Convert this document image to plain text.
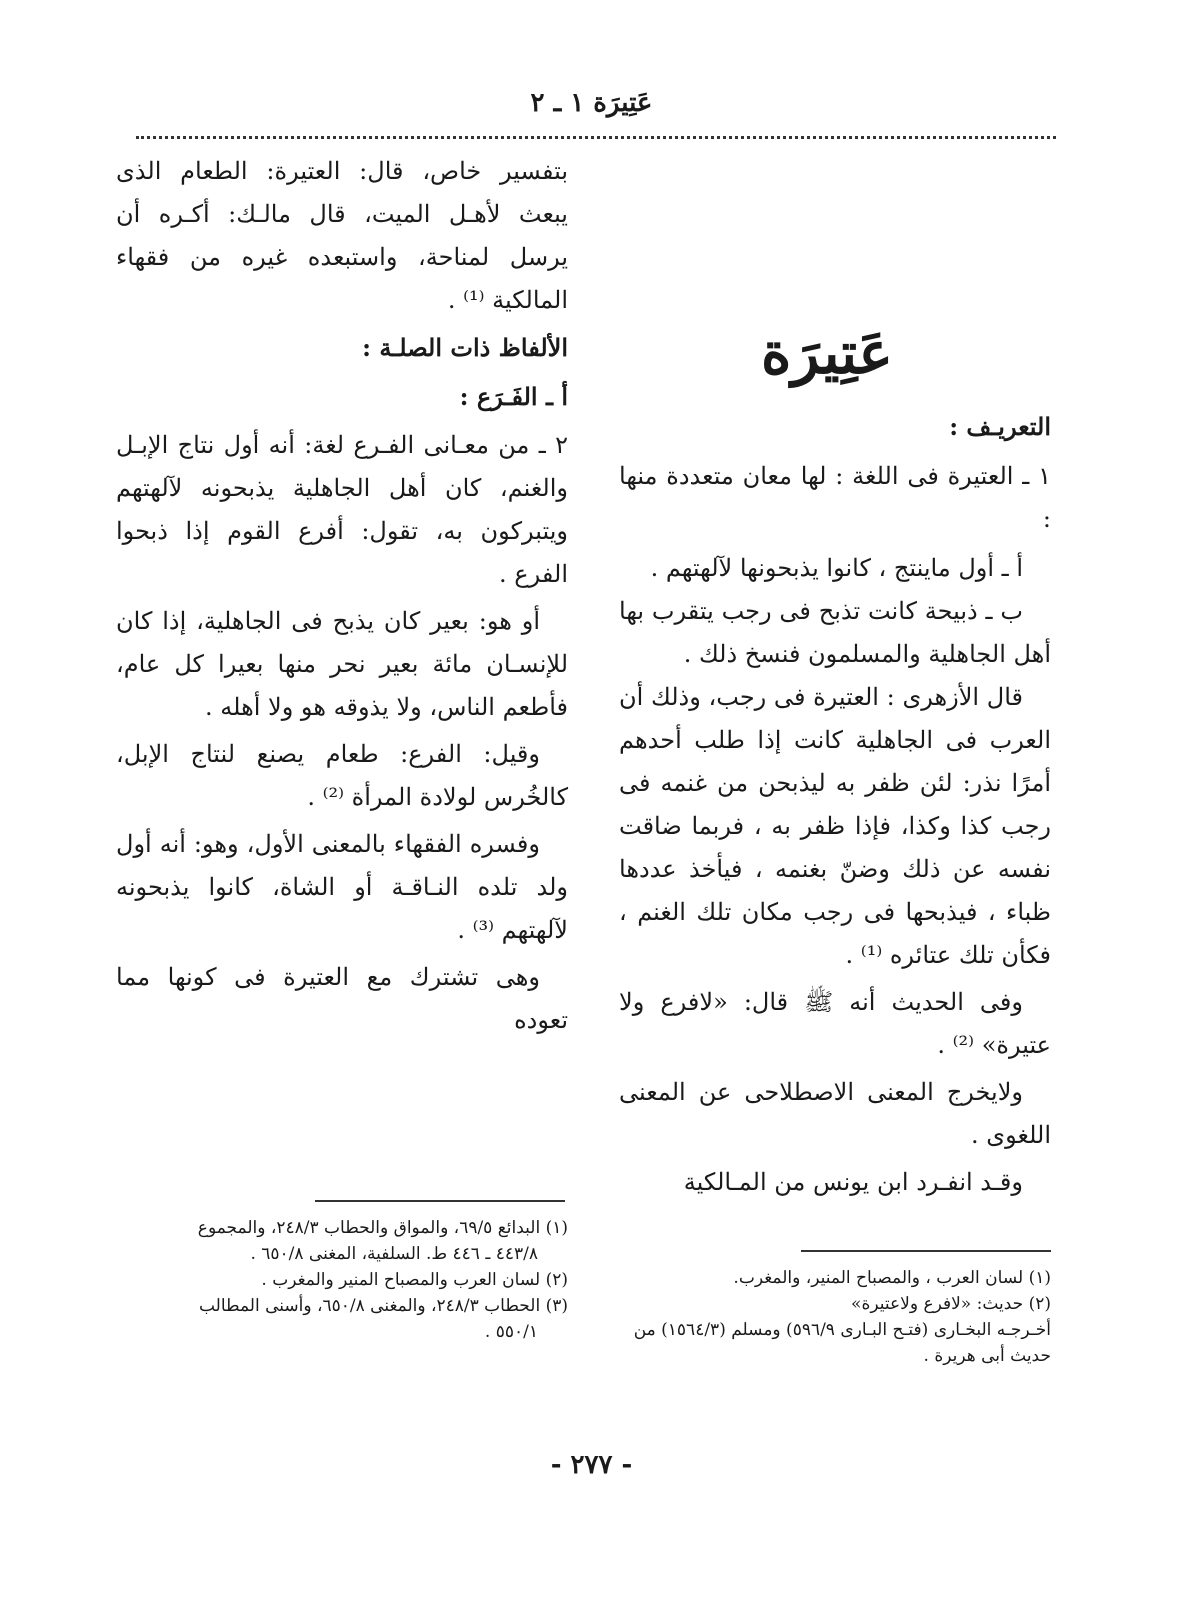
عَتِيرَة ١ ـ ٢

بتفسير خاص، قال: العتيرة: الطعام الذى يبعث لأهـل الميت، قال مالـك: أكـره أن يرسل لمناحة، واستبعده غيره من فقهاء المالكية ⁽¹⁾ .

الألفاظ ذات الصلـة :

أ ـ الفَـرَع :

٢ ـ من معـانى الفـرع لغة: أنه أول نتاج الإبـل والغنم، كان أهل الجاهلية يذبحونه لآلهتهم ويتبركون به، تقول: أفرع القوم إذا ذبحوا الفرع .

أو هو: بعير كان يذبح فى الجاهلية، إذا كان للإنسـان مائة بعير نحر منها بعيرا كل عام، فأطعم الناس، ولا يذوقه هو ولا أهله .

وقيل: الفرع: طعام يصنع لنتاج الإبل، كالخُرس لولادة المرأة ⁽²⁾ .

وفسره الفقهاء بالمعنى الأول، وهو: أنه أول ولد تلده النـاقـة أو الشاة، كانوا يذبحونه لآلهتهم ⁽³⁾ .

وهى تشترك مع العتيرة فى كونها مما تعوده

عَتِيرَة
التعريـف :

١ ـ العتيرة فى اللغة : لها معان متعددة منها :

أ ـ أول ماينتج ، كانوا يذبحونها لآلهتهم .

ب ـ ذبيحة كانت تذبح فى رجب يتقرب بها أهل الجاهلية والمسلمون فنسخ ذلك .

قال الأزهرى : العتيرة فى رجب، وذلك أن العرب فى الجاهلية كانت إذا طلب أحدهم أمرًا نذر: لئن ظفر به ليذبحن من غنمه فى رجب كذا وكذا، فإذا ظفر به ، فربما ضاقت نفسه عن ذلك وضنّ بغنمه ، فيأخذ عددها ظباء ، فيذبحها فى رجب مكان تلك الغنم ، فكأن تلك عتائره ⁽¹⁾ .

وفى الحديث أنه ﷺ قال: «لافرع ولا عتيرة» ⁽²⁾ .

ولايخرج المعنى الاصطلاحى عن المعنى اللغوى .

وقـد انفـرد ابن يونس من المـالكية

(١) البدائع ٦٩/٥، والمواق والحطاب ٢٤٨/٣، والمجموع

٤٤٣/٨ ـ ٤٤٦ ط. السلفية، المغنى ٦٥٠/٨ .

(٢) لسان العرب والمصباح المنير والمغرب .

(٣) الحطاب ٢٤٨/٣، والمغنى ٦٥٠/٨، وأسنى المطالب

٥٥٠/١ .

(١) لسان العرب ، والمصباح المنير، والمغرب.

(٢) حديث: «لافرع ولاعتيرة»

أخـرجـه البخـارى (فتـح البـارى ٥٩٦/٩) ومسلم (١٥٦٤/٣) من حديث أبى هريرة .

- ٢٧٧ -
